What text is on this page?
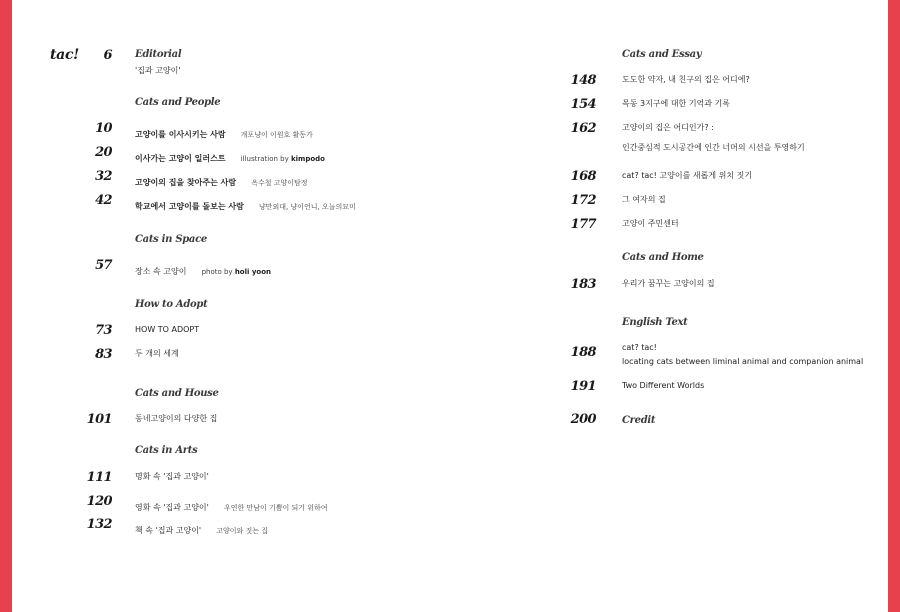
tac!	6 Editorial
'집과 고양이'
Cats and People
10	고양이를 이사시키는 사람 개포냥이 이원호 활동가
20	이사가는 고양이 일러스트 illustration by kimpodo
32	고양이의 집을 찾아주는 사람 옥수철 고양이탐정
42	학교에서 고양이를 돌보는 사람 냥만외대, 냥이언니, 오늘의묘미
Cats in Space
57	장소 속 고양이 photo by holi yoon
How to Adopt
73	HOW TO ADOPT
83	두 개의 세계
Cats and House
101	동네고양이의 다양한 집
Cats in Arts
111	명화 속 '집과 고양이'
120	영화 속 '집과 고양이' 우연한 만남이 기쁨이 되기 위하여
132	책 속 '집과 고양이' 고양이와 짓는 집
Cats and Essay
148	도도한 약자, 내 친구의 집은 어디에?
154	목동 3지구에 대한 기억과 기록
162	고양이의 집은 어디인가? :
인간중심적 도시공간에 인간 너머의 시선을 투영하기
168	cat? tac! 고양이를 새롭게 위치 짓기
172	그 여자의 집
177	고양이 주민센터
Cats and Home
183	우리가 꿈꾸는 고양이의 집
English Text
188	cat? tac!
locating cats between liminal animal and companion animal
191	Two Different Worlds
200	Credit
